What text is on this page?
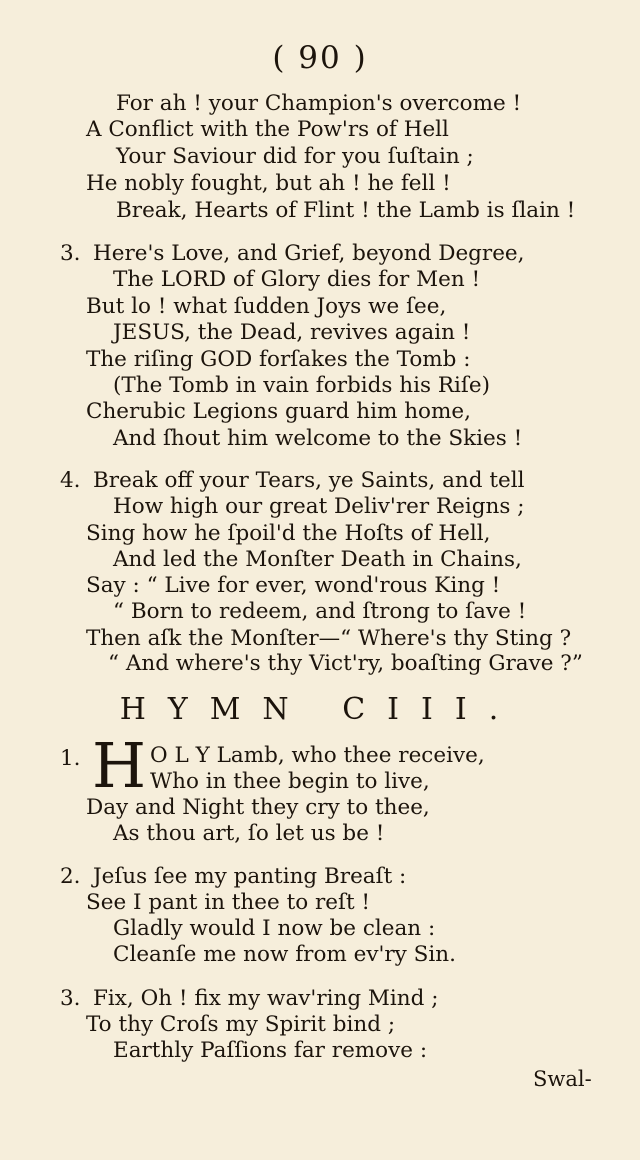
( 90 )
For ah ! your Champion's overcome !
A Conflict with the Pow'rs of Hell
Your Saviour did for you ſuſtain ;
He nobly fought, but ah ! he fell !
Break, Hearts of Flint ! the Lamb is ſlain !
3. Here's Love, and Grief, beyond Degree,
The LORD of Glory dies for Men !
But lo ! what ſudden Joys we ſee,
JESUS, the Dead, revives again !
The riſing GOD forſakes the Tomb :
(The Tomb in vain forbids his Riſe)
Cherubic Legions guard him home,
And ſhout him welcome to the Skies !
4. Break off your Tears, ye Saints, and tell
How high our great Deliv'rer Reigns ;
Sing how he ſpoil'd the Hoſts of Hell,
And led the Monſter Death in Chains,
Say : “ Live for ever, wond'rous King !
“ Born to redeem, and ſtrong to ſave !
Then aſk the Monſter—“ Where's thy Sting ?
“ And where's thy Vict'ry, boaſting Grave ?”
HYMN CIII.
1. H O L Y Lamb, who thee receive,
Who in thee begin to live,
Day and Night they cry to thee,
As thou art, ſo let us be !
2. Jeſus ſee my panting Breaſt :
See I pant in thee to reſt !
Gladly would I now be clean :
Cleanſe me now from ev'ry Sin.
3. Fix, Oh ! fix my wav'ring Mind ;
To thy Croſs my Spirit bind ;
Earthly Paſſions far remove :
Swal-
